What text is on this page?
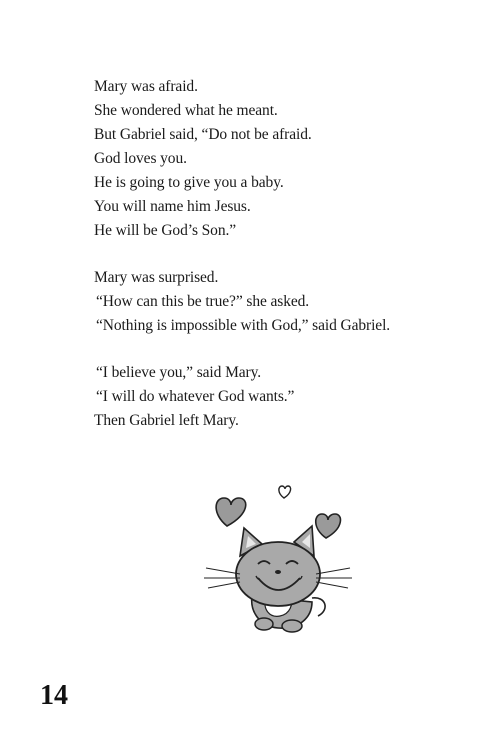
Mary was afraid.
She wondered what he meant.
But Gabriel said, “Do not be afraid.
God loves you.
He is going to give you a baby.
You will name him Jesus.
He will be God’s Son.”
Mary was surprised.
“How can this be true?” she asked.
“Nothing is impossible with God,” said Gabriel.
“I believe you,” said Mary.
“I will do whatever God wants.”
Then Gabriel left Mary.
14
